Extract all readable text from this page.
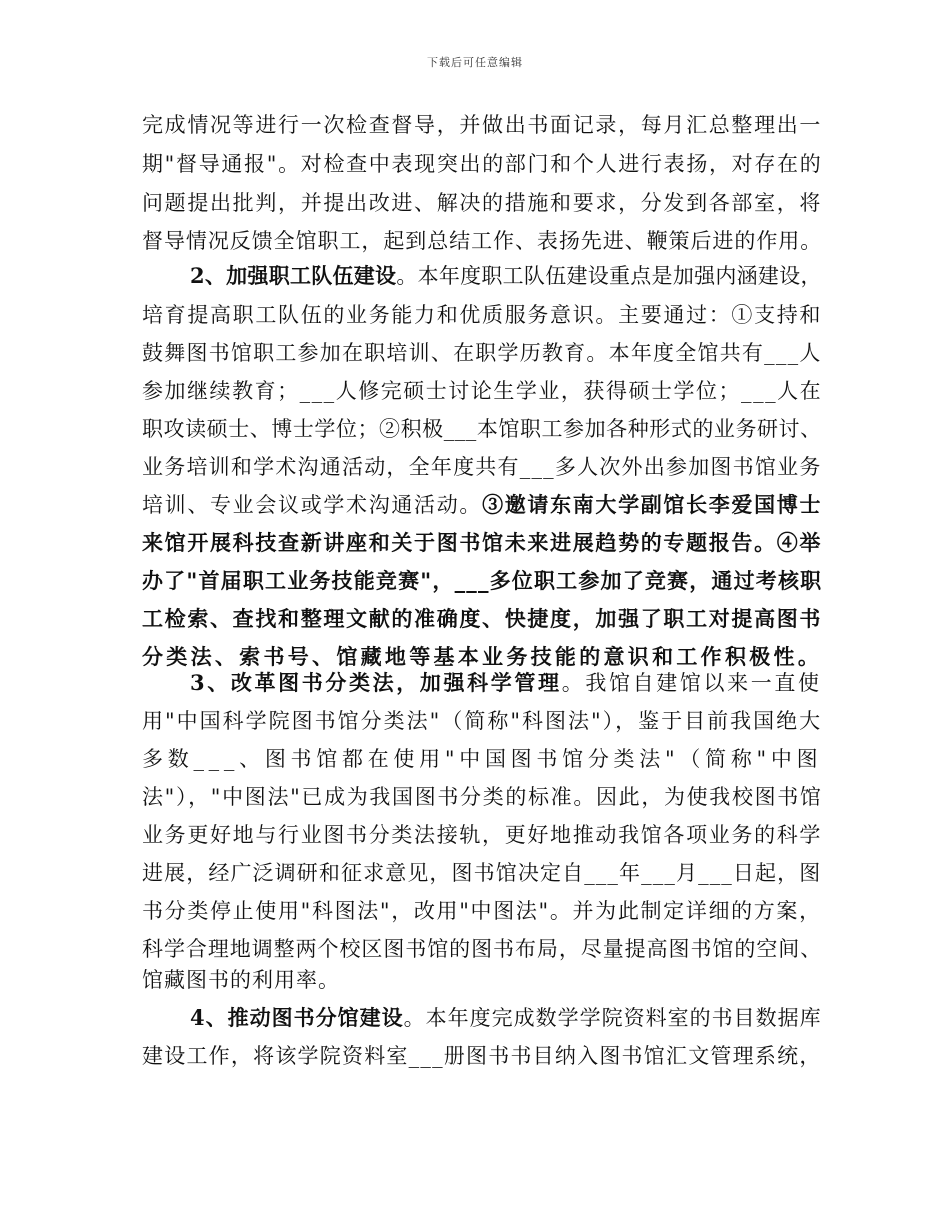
下载后可任意编辑
完成情况等进行一次检查督导，并做出书面记录，每月汇总整理出一
期"督导通报"。对检查中表现突出的部门和个人进行表扬，对存在的
问题提出批判，并提出改进、解决的措施和要求，分发到各部室，将
督导情况反馈全馆职工，起到总结工作、表扬先进、鞭策后进的作用。
2、加强职工队伍建设。本年度职工队伍建设重点是加强内涵建设，
培育提高职工队伍的业务能力和优质服务意识。主要通过：①支持和
鼓舞图书馆职工参加在职培训、在职学历教育。本年度全馆共有___人
参加继续教育；___人修完硕士讨论生学业，获得硕士学位；___人在
职攻读硕士、博士学位；②积极___本馆职工参加各种形式的业务研讨、
业务培训和学术沟通活动，全年度共有___多人次外出参加图书馆业务
培训、专业会议或学术沟通活动。③邀请东南大学副馆长李爱国博士
来馆开展科技查新讲座和关于图书馆未来进展趋势的专题报告。④举
办了"首届职工业务技能竞赛"，___多位职工参加了竞赛，通过考核职
工检索、查找和整理文献的准确度、快捷度，加强了职工对提高图书
分类法、索书号、馆藏地等基本业务技能的意识和工作积极性。
3、改革图书分类法，加强科学管理。我馆自建馆以来一直使
用"中国科学院图书馆分类法"（简称"科图法"），鉴于目前我国绝大
多数___、图书馆都在使用"中国图书馆分类法"（简称"中图
法"），"中图法"已成为我国图书分类的标准。因此，为使我校图书馆
业务更好地与行业图书分类法接轨，更好地推动我馆各项业务的科学
进展，经广泛调研和征求意见，图书馆决定自___年___月___日起，图
书分类停止使用"科图法"，改用"中图法"。并为此制定详细的方案，
科学合理地调整两个校区图书馆的图书布局，尽量提高图书馆的空间、
馆藏图书的利用率。
4、推动图书分馆建设。本年度完成数学学院资料室的书目数据库
建设工作，将该学院资料室___册图书书目纳入图书馆汇文管理系统，
